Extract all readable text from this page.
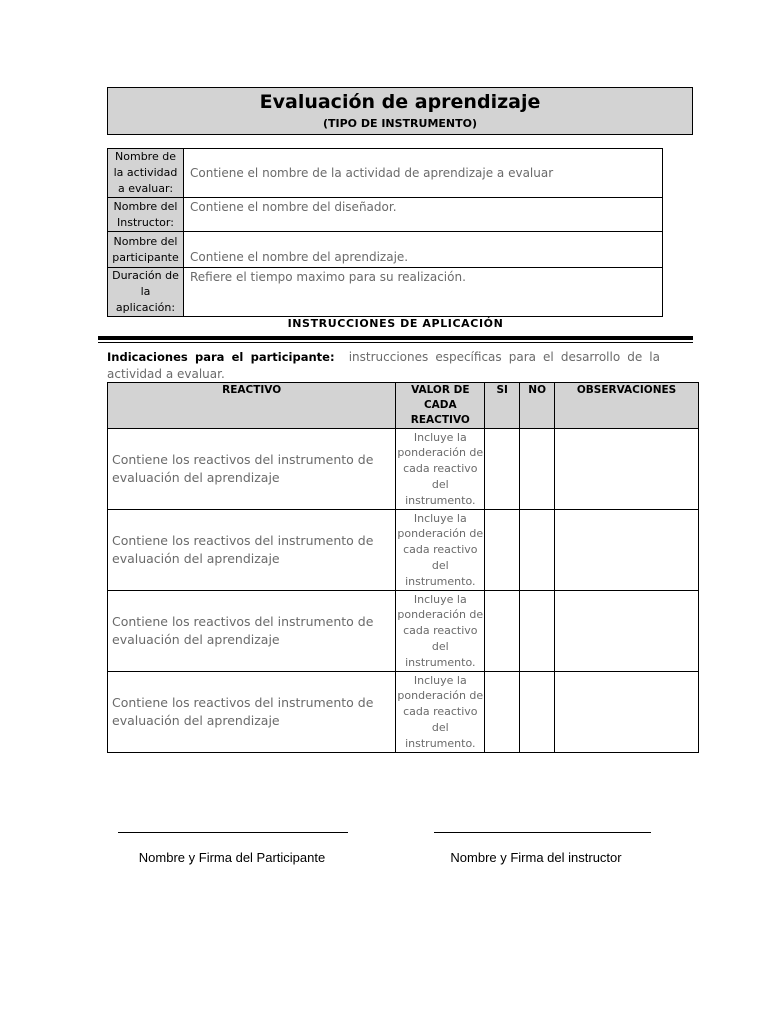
Evaluación de aprendizaje
(TIPO DE INSTRUMENTO)
Nombre de la actividad a evaluar:	Contiene el nombre de la actividad de aprendizaje a evaluar
Nombre del Instructor:	Contiene el nombre del diseñador.
Nombre del participante	Contiene el nombre del aprendizaje.
Duración de la aplicación:	Refiere el tiempo maximo para su realización.
INSTRUCCIONES DE APLICACIÓN
Indicaciones para el participante: instrucciones específicas para el desarrollo de la actividad a evaluar.
REACTIVO	VALOR DE CADA REACTIVO	SI	NO	OBSERVACIONES
Contiene los reactivos del instrumento de evaluación del aprendizaje	Incluye la ponderación de cada reactivo del instrumento.			
Contiene los reactivos del instrumento de evaluación del aprendizaje	Incluye la ponderación de cada reactivo del instrumento.			
Contiene los reactivos del instrumento de evaluación del aprendizaje	Incluye la ponderación de cada reactivo del instrumento.			
Contiene los reactivos del instrumento de evaluación del aprendizaje	Incluye la ponderación de cada reactivo del instrumento.			
Nombre y Firma del Participante	Nombre y Firma del instructor
